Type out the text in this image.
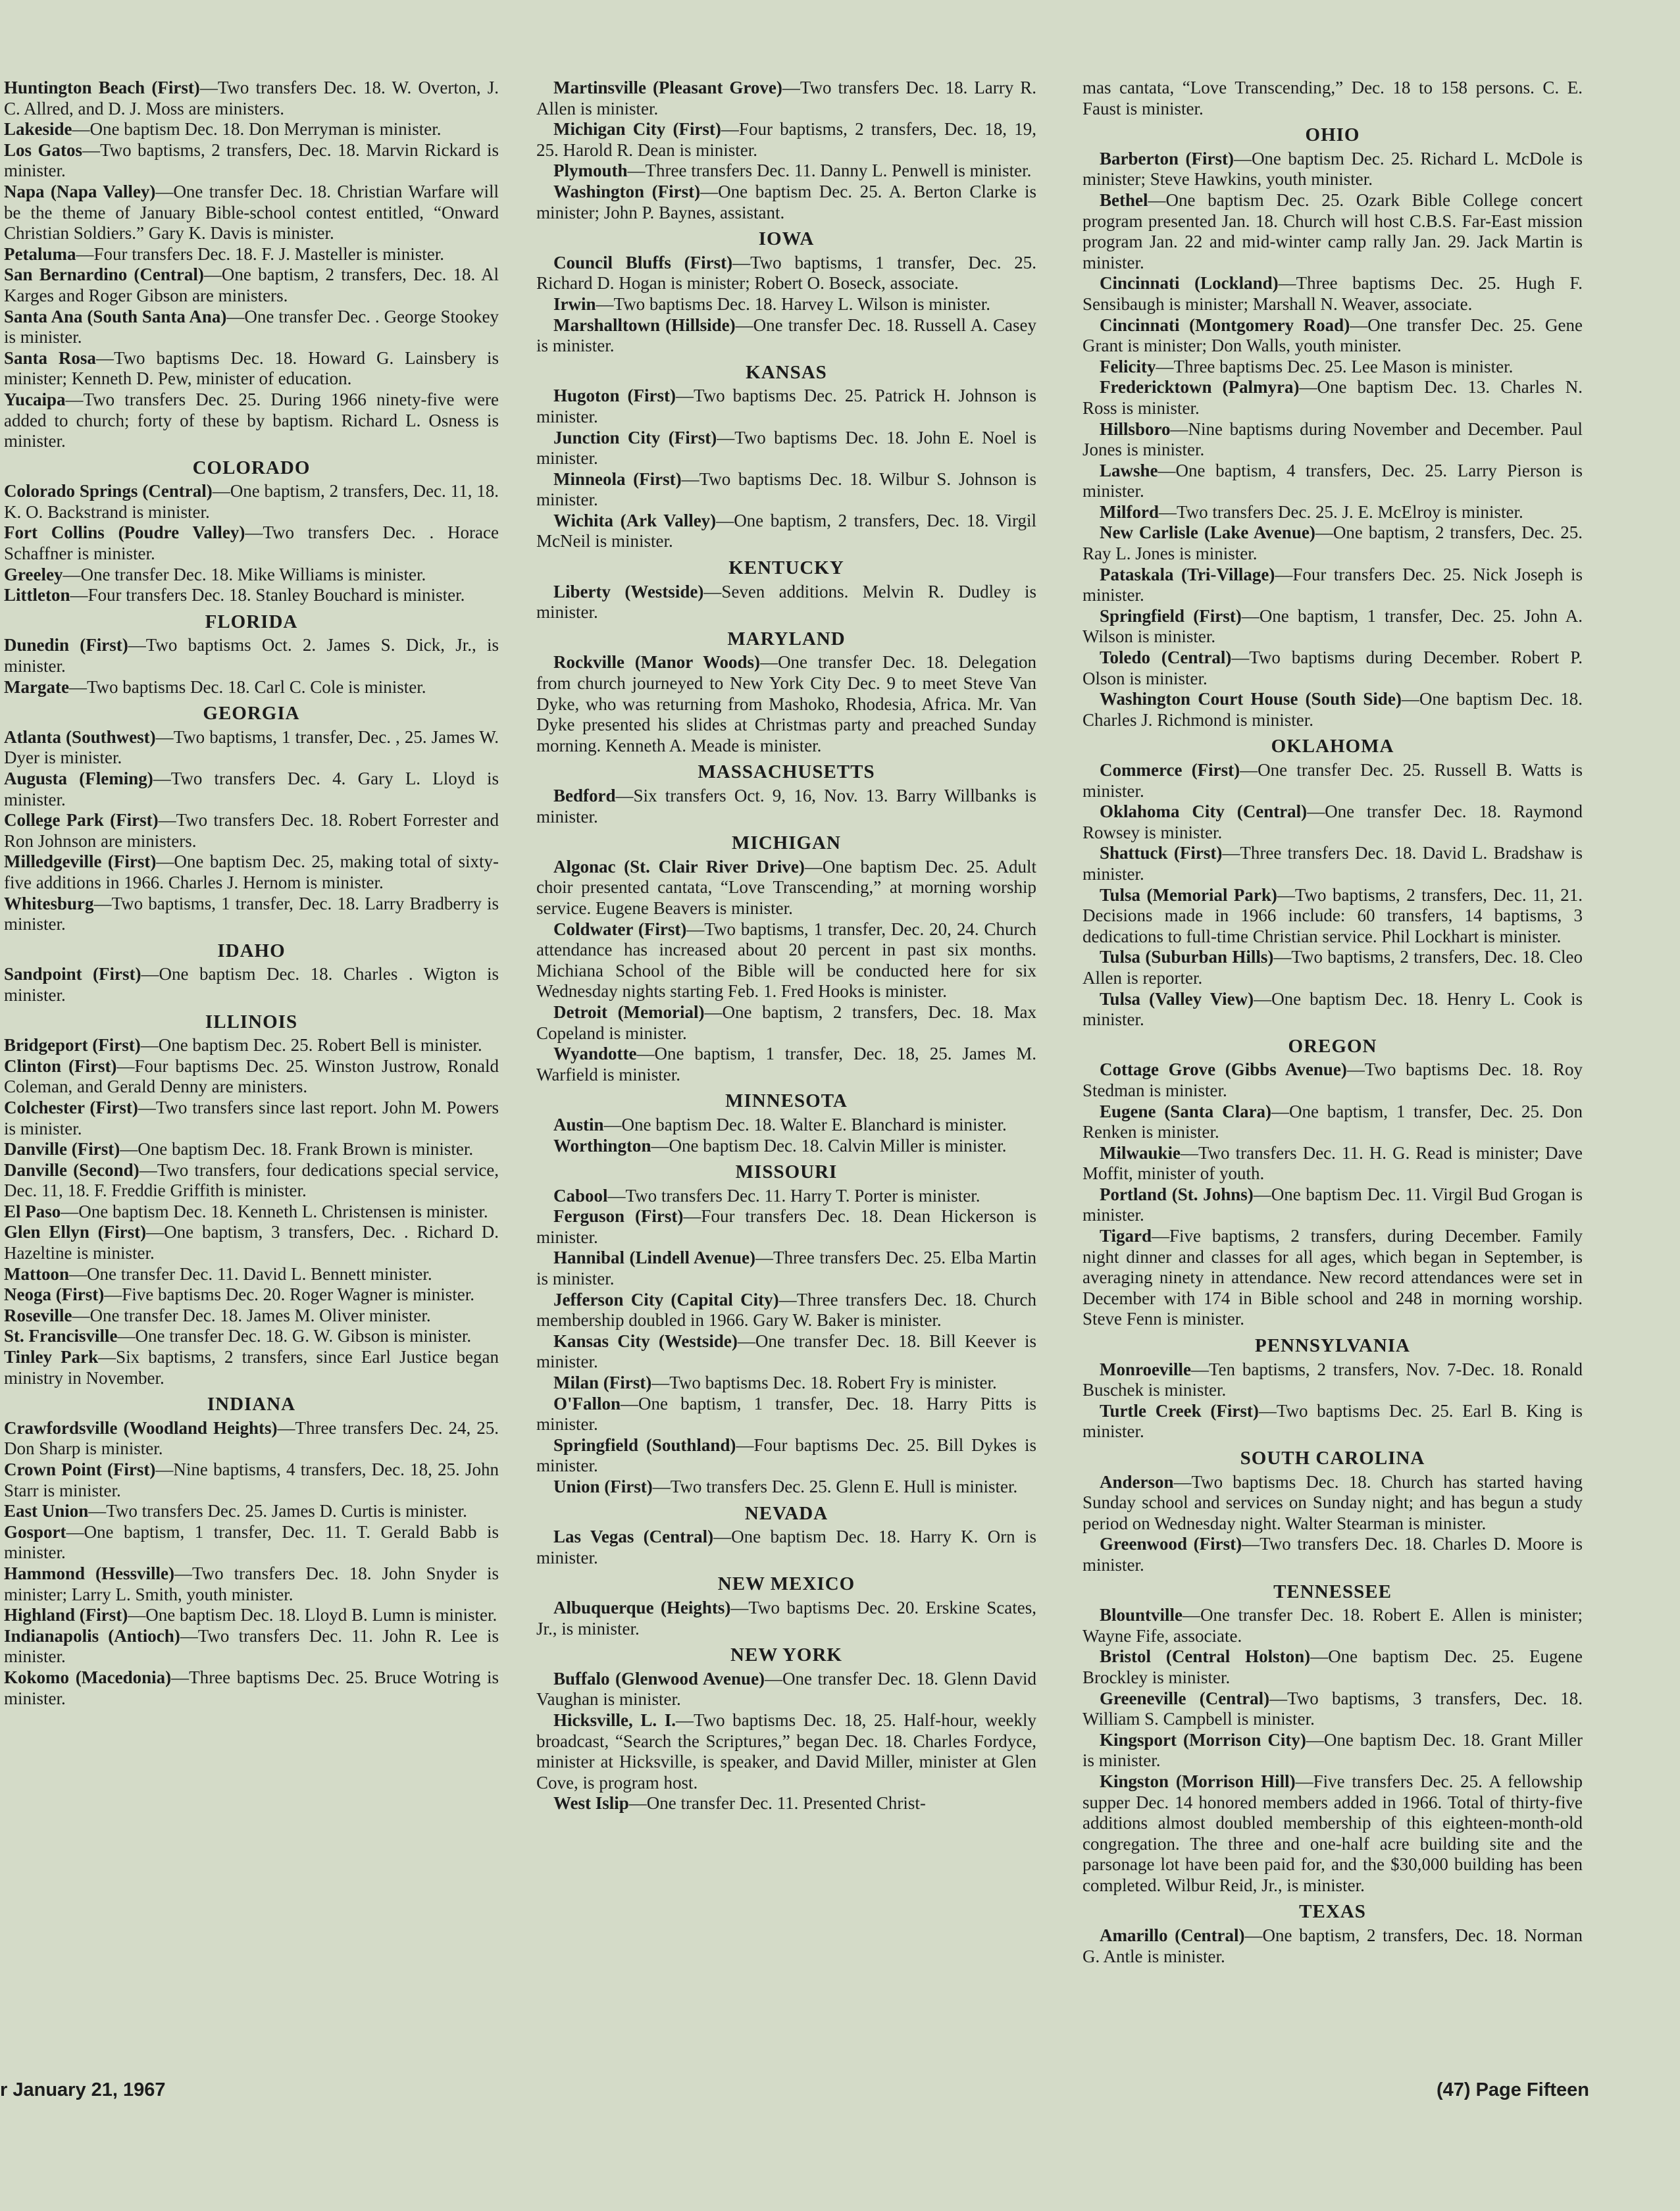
Huntington Beach (First)—Two transfers Dec. 18. W. Overton, J. C. Allred, and D. J. Moss are ministers.

Lakeside—One baptism Dec. 18. Don Merryman is minister.

Los Gatos—Two baptisms, 2 transfers, Dec. 18. Marvin Rickard is minister.

Napa (Napa Valley)—One transfer Dec. 18. Christian Warfare will be the theme of January Bible-school contest entitled, “Onward Christian Soldiers.” Gary K. Davis is minister.

Petaluma—Four transfers Dec. 18. F. J. Masteller is minister.

San Bernardino (Central)—One baptism, 2 transfers, Dec. 18. Al Karges and Roger Gibson are ministers.

Santa Ana (South Santa Ana)—One transfer Dec. . George Stookey is minister.

Santa Rosa—Two baptisms Dec. 18. Howard G. Lainsbery is minister; Kenneth D. Pew, minister of education.

Yucaipa—Two transfers Dec. 25. During 1966 ninety-five were added to church; forty of these by baptism. Richard L. Osness is minister.

COLORADO

Colorado Springs (Central)—One baptism, 2 transfers, Dec. 11, 18. K. O. Backstrand is minister.

Fort Collins (Poudre Valley)—Two transfers Dec. . Horace Schaffner is minister.

Greeley—One transfer Dec. 18. Mike Williams is minister.

Littleton—Four transfers Dec. 18. Stanley Bouchard is minister.

FLORIDA

Dunedin (First)—Two baptisms Oct. 2. James S. Dick, Jr., is minister.

Margate—Two baptisms Dec. 18. Carl C. Cole is minister.

GEORGIA

Atlanta (Southwest)—Two baptisms, 1 transfer, Dec. , 25. James W. Dyer is minister.

Augusta (Fleming)—Two transfers Dec. 4. Gary L. Lloyd is minister.

College Park (First)—Two transfers Dec. 18. Robert Forrester and Ron Johnson are ministers.

Milledgeville (First)—One baptism Dec. 25, making total of sixty-five additions in 1966. Charles J. Hernom is minister.

Whitesburg—Two baptisms, 1 transfer, Dec. 18. Larry Bradberry is minister.

IDAHO

Sandpoint (First)—One baptism Dec. 18. Charles . Wigton is minister.

ILLINOIS

Bridgeport (First)—One baptism Dec. 25. Robert Bell is minister.

Clinton (First)—Four baptisms Dec. 25. Winston Justrow, Ronald Coleman, and Gerald Denny are ministers.

Colchester (First)—Two transfers since last report. John M. Powers is minister.

Danville (First)—One baptism Dec. 18. Frank Brown is minister.

Danville (Second)—Two transfers, four dedications special service, Dec. 11, 18. F. Freddie Griffith is minister.

El Paso—One baptism Dec. 18. Kenneth L. Christensen is minister.

Glen Ellyn (First)—One baptism, 3 transfers, Dec. . Richard D. Hazeltine is minister.

Mattoon—One transfer Dec. 11. David L. Bennett minister.

Neoga (First)—Five baptisms Dec. 20. Roger Wagner is minister.

Roseville—One transfer Dec. 18. James M. Oliver minister.

St. Francisville—One transfer Dec. 18. G. W. Gibson is minister.

Tinley Park—Six baptisms, 2 transfers, since Earl Justice began ministry in November.

INDIANA

Crawfordsville (Woodland Heights)—Three transfers Dec. 24, 25. Don Sharp is minister.

Crown Point (First)—Nine baptisms, 4 transfers, Dec. 18, 25. John Starr is minister.

East Union—Two transfers Dec. 25. James D. Curtis is minister.

Gosport—One baptism, 1 transfer, Dec. 11. T. Gerald Babb is minister.

Hammond (Hessville)—Two transfers Dec. 18. John Snyder is minister; Larry L. Smith, youth minister.

Highland (First)—One baptism Dec. 18. Lloyd B. Lumn is minister.

Indianapolis (Antioch)—Two transfers Dec. 11. John R. Lee is minister.

Kokomo (Macedonia)—Three baptisms Dec. 25. Bruce Wotring is minister.

Martinsville (Pleasant Grove)—Two transfers Dec. 18. Larry R. Allen is minister.

Michigan City (First)—Four baptisms, 2 transfers, Dec. 18, 19, 25. Harold R. Dean is minister.

Plymouth—Three transfers Dec. 11. Danny L. Penwell is minister.

Washington (First)—One baptism Dec. 25. A. Berton Clarke is minister; John P. Baynes, assistant.

IOWA

Council Bluffs (First)—Two baptisms, 1 transfer, Dec. 25. Richard D. Hogan is minister; Robert O. Boseck, associate.

Irwin—Two baptisms Dec. 18. Harvey L. Wilson is minister.

Marshalltown (Hillside)—One transfer Dec. 18. Russell A. Casey is minister.

KANSAS

Hugoton (First)—Two baptisms Dec. 25. Patrick H. Johnson is minister.

Junction City (First)—Two baptisms Dec. 18. John E. Noel is minister.

Minneola (First)—Two baptisms Dec. 18. Wilbur S. Johnson is minister.

Wichita (Ark Valley)—One baptism, 2 transfers, Dec. 18. Virgil McNeil is minister.

KENTUCKY

Liberty (Westside)—Seven additions. Melvin R. Dudley is minister.

MARYLAND

Rockville (Manor Woods)—One transfer Dec. 18. Delegation from church journeyed to New York City Dec. 9 to meet Steve Van Dyke, who was returning from Mashoko, Rhodesia, Africa. Mr. Van Dyke presented his slides at Christmas party and preached Sunday morning. Kenneth A. Meade is minister.

MASSACHUSETTS

Bedford—Six transfers Oct. 9, 16, Nov. 13. Barry Willbanks is minister.

MICHIGAN

Algonac (St. Clair River Drive)—One baptism Dec. 25. Adult choir presented cantata, “Love Transcending,” at morning worship service. Eugene Beavers is minister.

Coldwater (First)—Two baptisms, 1 transfer, Dec. 20, 24. Church attendance has increased about 20 percent in past six months. Michiana School of the Bible will be conducted here for six Wednesday nights starting Feb. 1. Fred Hooks is minister.

Detroit (Memorial)—One baptism, 2 transfers, Dec. 18. Max Copeland is minister.

Wyandotte—One baptism, 1 transfer, Dec. 18, 25. James M. Warfield is minister.

MINNESOTA

Austin—One baptism Dec. 18. Walter E. Blanchard is minister.

Worthington—One baptism Dec. 18. Calvin Miller is minister.

MISSOURI

Cabool—Two transfers Dec. 11. Harry T. Porter is minister.

Ferguson (First)—Four transfers Dec. 18. Dean Hickerson is minister.

Hannibal (Lindell Avenue)—Three transfers Dec. 25. Elba Martin is minister.

Jefferson City (Capital City)—Three transfers Dec. 18. Church membership doubled in 1966. Gary W. Baker is minister.

Kansas City (Westside)—One transfer Dec. 18. Bill Keever is minister.

Milan (First)—Two baptisms Dec. 18. Robert Fry is minister.

O'Fallon—One baptism, 1 transfer, Dec. 18. Harry Pitts is minister.

Springfield (Southland)—Four baptisms Dec. 25. Bill Dykes is minister.

Union (First)—Two transfers Dec. 25. Glenn E. Hull is minister.

NEVADA

Las Vegas (Central)—One baptism Dec. 18. Harry K. Orn is minister.

NEW MEXICO

Albuquerque (Heights)—Two baptisms Dec. 20. Erskine Scates, Jr., is minister.

NEW YORK

Buffalo (Glenwood Avenue)—One transfer Dec. 18. Glenn David Vaughan is minister.

Hicksville, L. I.—Two baptisms Dec. 18, 25. Half-hour, weekly broadcast, “Search the Scriptures,” began Dec. 18. Charles Fordyce, minister at Hicksville, is speaker, and David Miller, minister at Glen Cove, is program host.

West Islip—One transfer Dec. 11. Presented Christ-

mas cantata, “Love Transcending,” Dec. 18 to 158 persons. C. E. Faust is minister.

OHIO

Barberton (First)—One baptism Dec. 25. Richard L. McDole is minister; Steve Hawkins, youth minister.

Bethel—One baptism Dec. 25. Ozark Bible College concert program presented Jan. 18. Church will host C.B.S. Far-East mission program Jan. 22 and mid-winter camp rally Jan. 29. Jack Martin is minister.

Cincinnati (Lockland)—Three baptisms Dec. 25. Hugh F. Sensibaugh is minister; Marshall N. Weaver, associate.

Cincinnati (Montgomery Road)—One transfer Dec. 25. Gene Grant is minister; Don Walls, youth minister.

Felicity—Three baptisms Dec. 25. Lee Mason is minister.

Fredericktown (Palmyra)—One baptism Dec. 13. Charles N. Ross is minister.

Hillsboro—Nine baptisms during November and December. Paul Jones is minister.

Lawshe—One baptism, 4 transfers, Dec. 25. Larry Pierson is minister.

Milford—Two transfers Dec. 25. J. E. McElroy is minister.

New Carlisle (Lake Avenue)—One baptism, 2 transfers, Dec. 25. Ray L. Jones is minister.

Pataskala (Tri-Village)—Four transfers Dec. 25. Nick Joseph is minister.

Springfield (First)—One baptism, 1 transfer, Dec. 25. John A. Wilson is minister.

Toledo (Central)—Two baptisms during December. Robert P. Olson is minister.

Washington Court House (South Side)—One baptism Dec. 18. Charles J. Richmond is minister.

OKLAHOMA

Commerce (First)—One transfer Dec. 25. Russell B. Watts is minister.

Oklahoma City (Central)—One transfer Dec. 18. Raymond Rowsey is minister.

Shattuck (First)—Three transfers Dec. 18. David L. Bradshaw is minister.

Tulsa (Memorial Park)—Two baptisms, 2 transfers, Dec. 11, 21. Decisions made in 1966 include: 60 transfers, 14 baptisms, 3 dedications to full-time Christian service. Phil Lockhart is minister.

Tulsa (Suburban Hills)—Two baptisms, 2 transfers, Dec. 18. Cleo Allen is reporter.

Tulsa (Valley View)—One baptism Dec. 18. Henry L. Cook is minister.

OREGON

Cottage Grove (Gibbs Avenue)—Two baptisms Dec. 18. Roy Stedman is minister.

Eugene (Santa Clara)—One baptism, 1 transfer, Dec. 25. Don Renken is minister.

Milwaukie—Two transfers Dec. 11. H. G. Read is minister; Dave Moffit, minister of youth.

Portland (St. Johns)—One baptism Dec. 11. Virgil Bud Grogan is minister.

Tigard—Five baptisms, 2 transfers, during December. Family night dinner and classes for all ages, which began in September, is averaging ninety in attendance. New record attendances were set in December with 174 in Bible school and 248 in morning worship. Steve Fenn is minister.

PENNSYLVANIA

Monroeville—Ten baptisms, 2 transfers, Nov. 7-Dec. 18. Ronald Buschek is minister.

Turtle Creek (First)—Two baptisms Dec. 25. Earl B. King is minister.

SOUTH CAROLINA

Anderson—Two baptisms Dec. 18. Church has started having Sunday school and services on Sunday night; and has begun a study period on Wednesday night. Walter Stearman is minister.

Greenwood (First)—Two transfers Dec. 18. Charles D. Moore is minister.

TENNESSEE

Blountville—One transfer Dec. 18. Robert E. Allen is minister; Wayne Fife, associate.

Bristol (Central Holston)—One baptism Dec. 25. Eugene Brockley is minister.

Greeneville (Central)—Two baptisms, 3 transfers, Dec. 18. William S. Campbell is minister.

Kingsport (Morrison City)—One baptism Dec. 18. Grant Miller is minister.

Kingston (Morrison Hill)—Five transfers Dec. 25. A fellowship supper Dec. 14 honored members added in 1966. Total of thirty-five additions almost doubled membership of this eighteen-month-old congregation. The three and one-half acre building site and the parsonage lot have been paid for, and the $30,000 building has been completed. Wilbur Reid, Jr., is minister.

TEXAS

Amarillo (Central)—One baptism, 2 transfers, Dec. 18. Norman G. Antle is minister.

r January 21, 1967	(47) Page Fifteen
